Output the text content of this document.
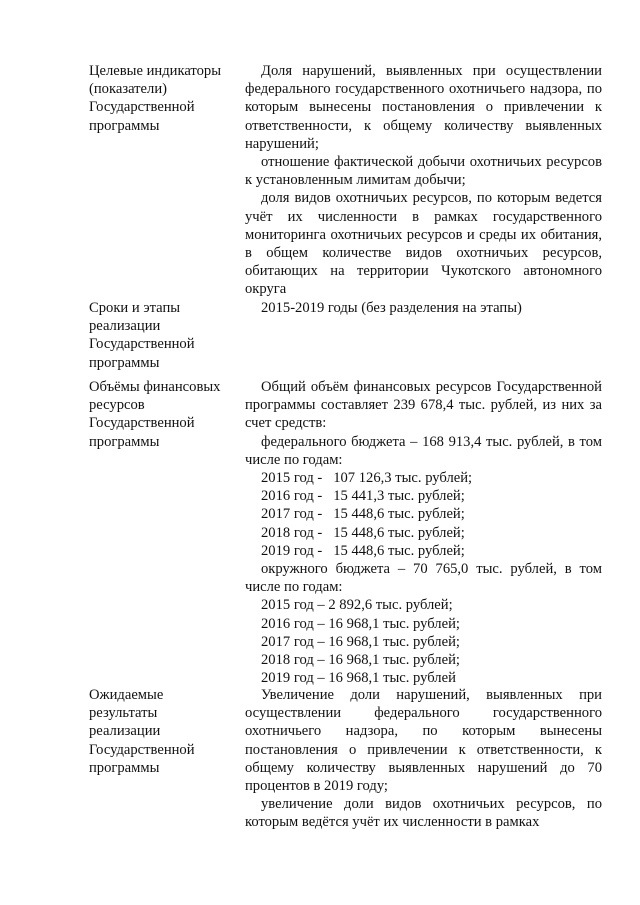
Целевые индикаторы
(показатели)
Государственной
программы
Доля нарушений, выявленных при осуществлении федерального государственного охотничьего надзора, по которым вынесены постановления о привлечении к ответственности, к общему количеству выявленных нарушений;
отношение фактической добычи охотничьих ресурсов к установленным лимитам добычи;
доля видов охотничьих ресурсов, по которым ведется учёт их численности в рамках государственного мониторинга охотничьих ресурсов и среды их обитания, в общем количестве видов охотничьих ресурсов, обитающих на территории Чукотского автономного округа
Сроки и этапы
реализации
Государственной
программы
2015-2019 годы (без разделения на этапы)
Объёмы финансовых
ресурсов
Государственной
программы
Общий объём финансовых ресурсов Государственной программы составляет 239 678,4 тыс. рублей, из них за счет средств:
федерального бюджета – 168 913,4 тыс. рублей, в том числе по годам:
2015 год -   107 126,3 тыс. рублей;
2016 год -   15 441,3 тыс. рублей;
2017 год -   15 448,6 тыс. рублей;
2018 год -   15 448,6 тыс. рублей;
2019 год -   15 448,6 тыс. рублей;
окружного бюджета – 70 765,0 тыс. рублей, в том числе по годам:
2015 год – 2 892,6 тыс. рублей;
2016 год – 16 968,1 тыс. рублей;
2017 год – 16 968,1 тыс. рублей;
2018 год – 16 968,1 тыс. рублей;
2019 год – 16 968,1 тыс. рублей
Ожидаемые
результаты
реализации
Государственной
программы
Увеличение доли нарушений, выявленных при осуществлении федерального государственного охотничьего надзора, по которым вынесены постановления о привлечении к ответственности, к общему количеству выявленных нарушений до 70 процентов в 2019 году;
увеличение доли видов охотничьих ресурсов, по которым ведётся учёт их численности в рамках
